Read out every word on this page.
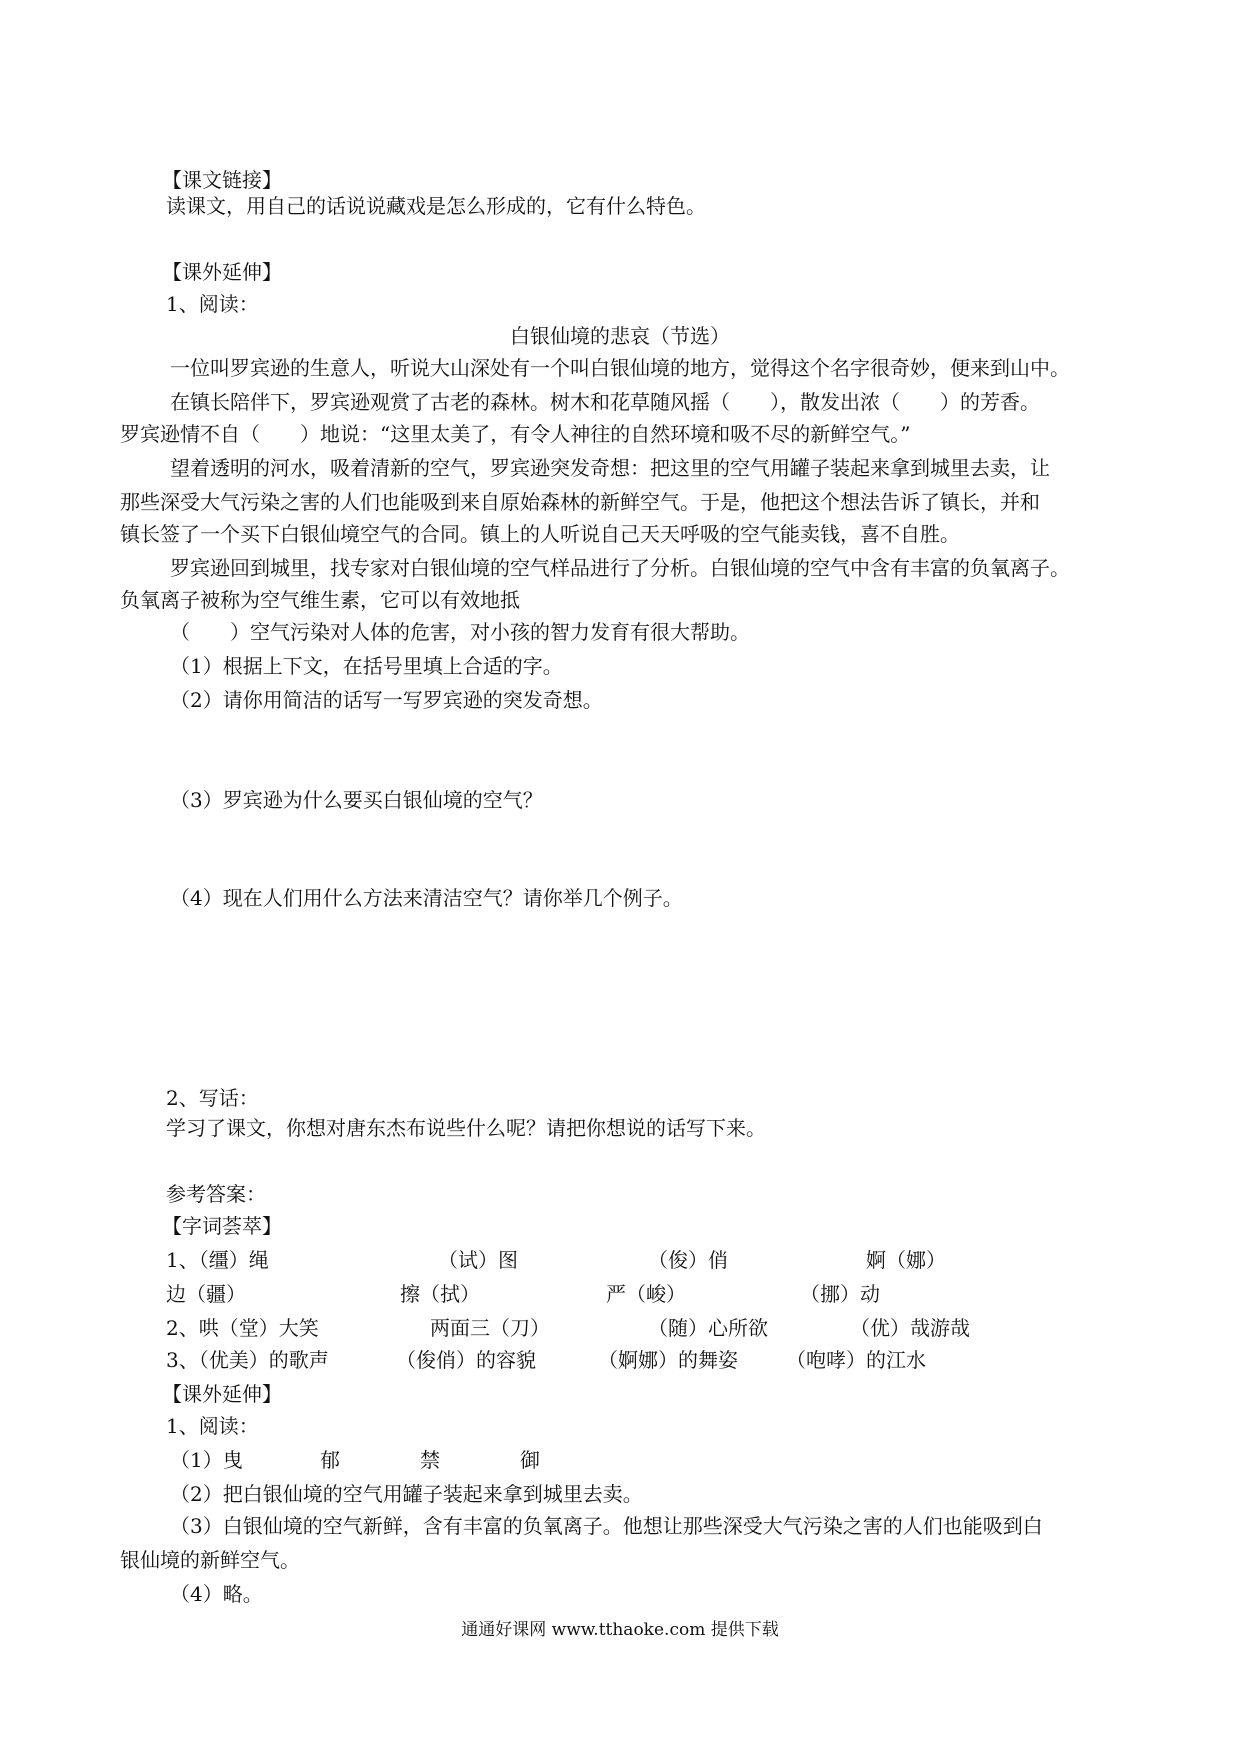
【课文链接】
读课文，用自己的话说说藏戏是怎么形成的，它有什么特色。
【课外延伸】
1、阅读：
白银仙境的悲哀（节选）
一位叫罗宾逊的生意人，听说大山深处有一个叫白银仙境的地方，觉得这个名字很奇妙，便来到山中。
在镇长陪伴下，罗宾逊观赏了古老的森林。树木和花草随风摇（　　），散发出浓（　　）的芳香。
罗宾逊情不自（　　）地说：“这里太美了，有令人神往的自然环境和吸不尽的新鲜空气。”
望着透明的河水，吸着清新的空气，罗宾逊突发奇想：把这里的空气用罐子装起来拿到城里去卖，让
那些深受大气污染之害的人们也能吸到来自原始森林的新鲜空气。于是，他把这个想法告诉了镇长，并和
镇长签了一个买下白银仙境空气的合同。镇上的人听说自己天天呼吸的空气能卖钱，喜不自胜。
罗宾逊回到城里，找专家对白银仙境的空气样品进行了分析。白银仙境的空气中含有丰富的负氧离子。
负氧离子被称为空气维生素，它可以有效地抵
（　　）空气污染对人体的危害，对小孩的智力发育有很大帮助。
（1）根据上下文，在括号里填上合适的字。
（2）请你用简洁的话写一写罗宾逊的突发奇想。
（3）罗宾逊为什么要买白银仙境的空气？
（4）现在人们用什么方法来清洁空气？请你举几个例子。
2、写话：
学习了课文，你想对唐东杰布说些什么呢？请把你想说的话写下来。
参考答案：
【字词荟萃】
1、（缰）绳	（试）图	（俊）俏	婀（娜）
边（疆）	擦（拭）	严（峻）	（挪）动
2、哄（堂）大笑	两面三（刀）	（随）心所欲	（优）哉游哉
3、（优美）的歌声	（俊俏）的容貌	（婀娜）的舞姿 （咆哮）的江水
【课外延伸】
1、阅读：
（1）曳	郁	禁	御
（2）把白银仙境的空气用罐子装起来拿到城里去卖。
（3）白银仙境的空气新鲜，含有丰富的负氧离子。他想让那些深受大气污染之害的人们也能吸到白
银仙境的新鲜空气。
（4）略。
通通好课网 www.tthaoke.com 提供下载
